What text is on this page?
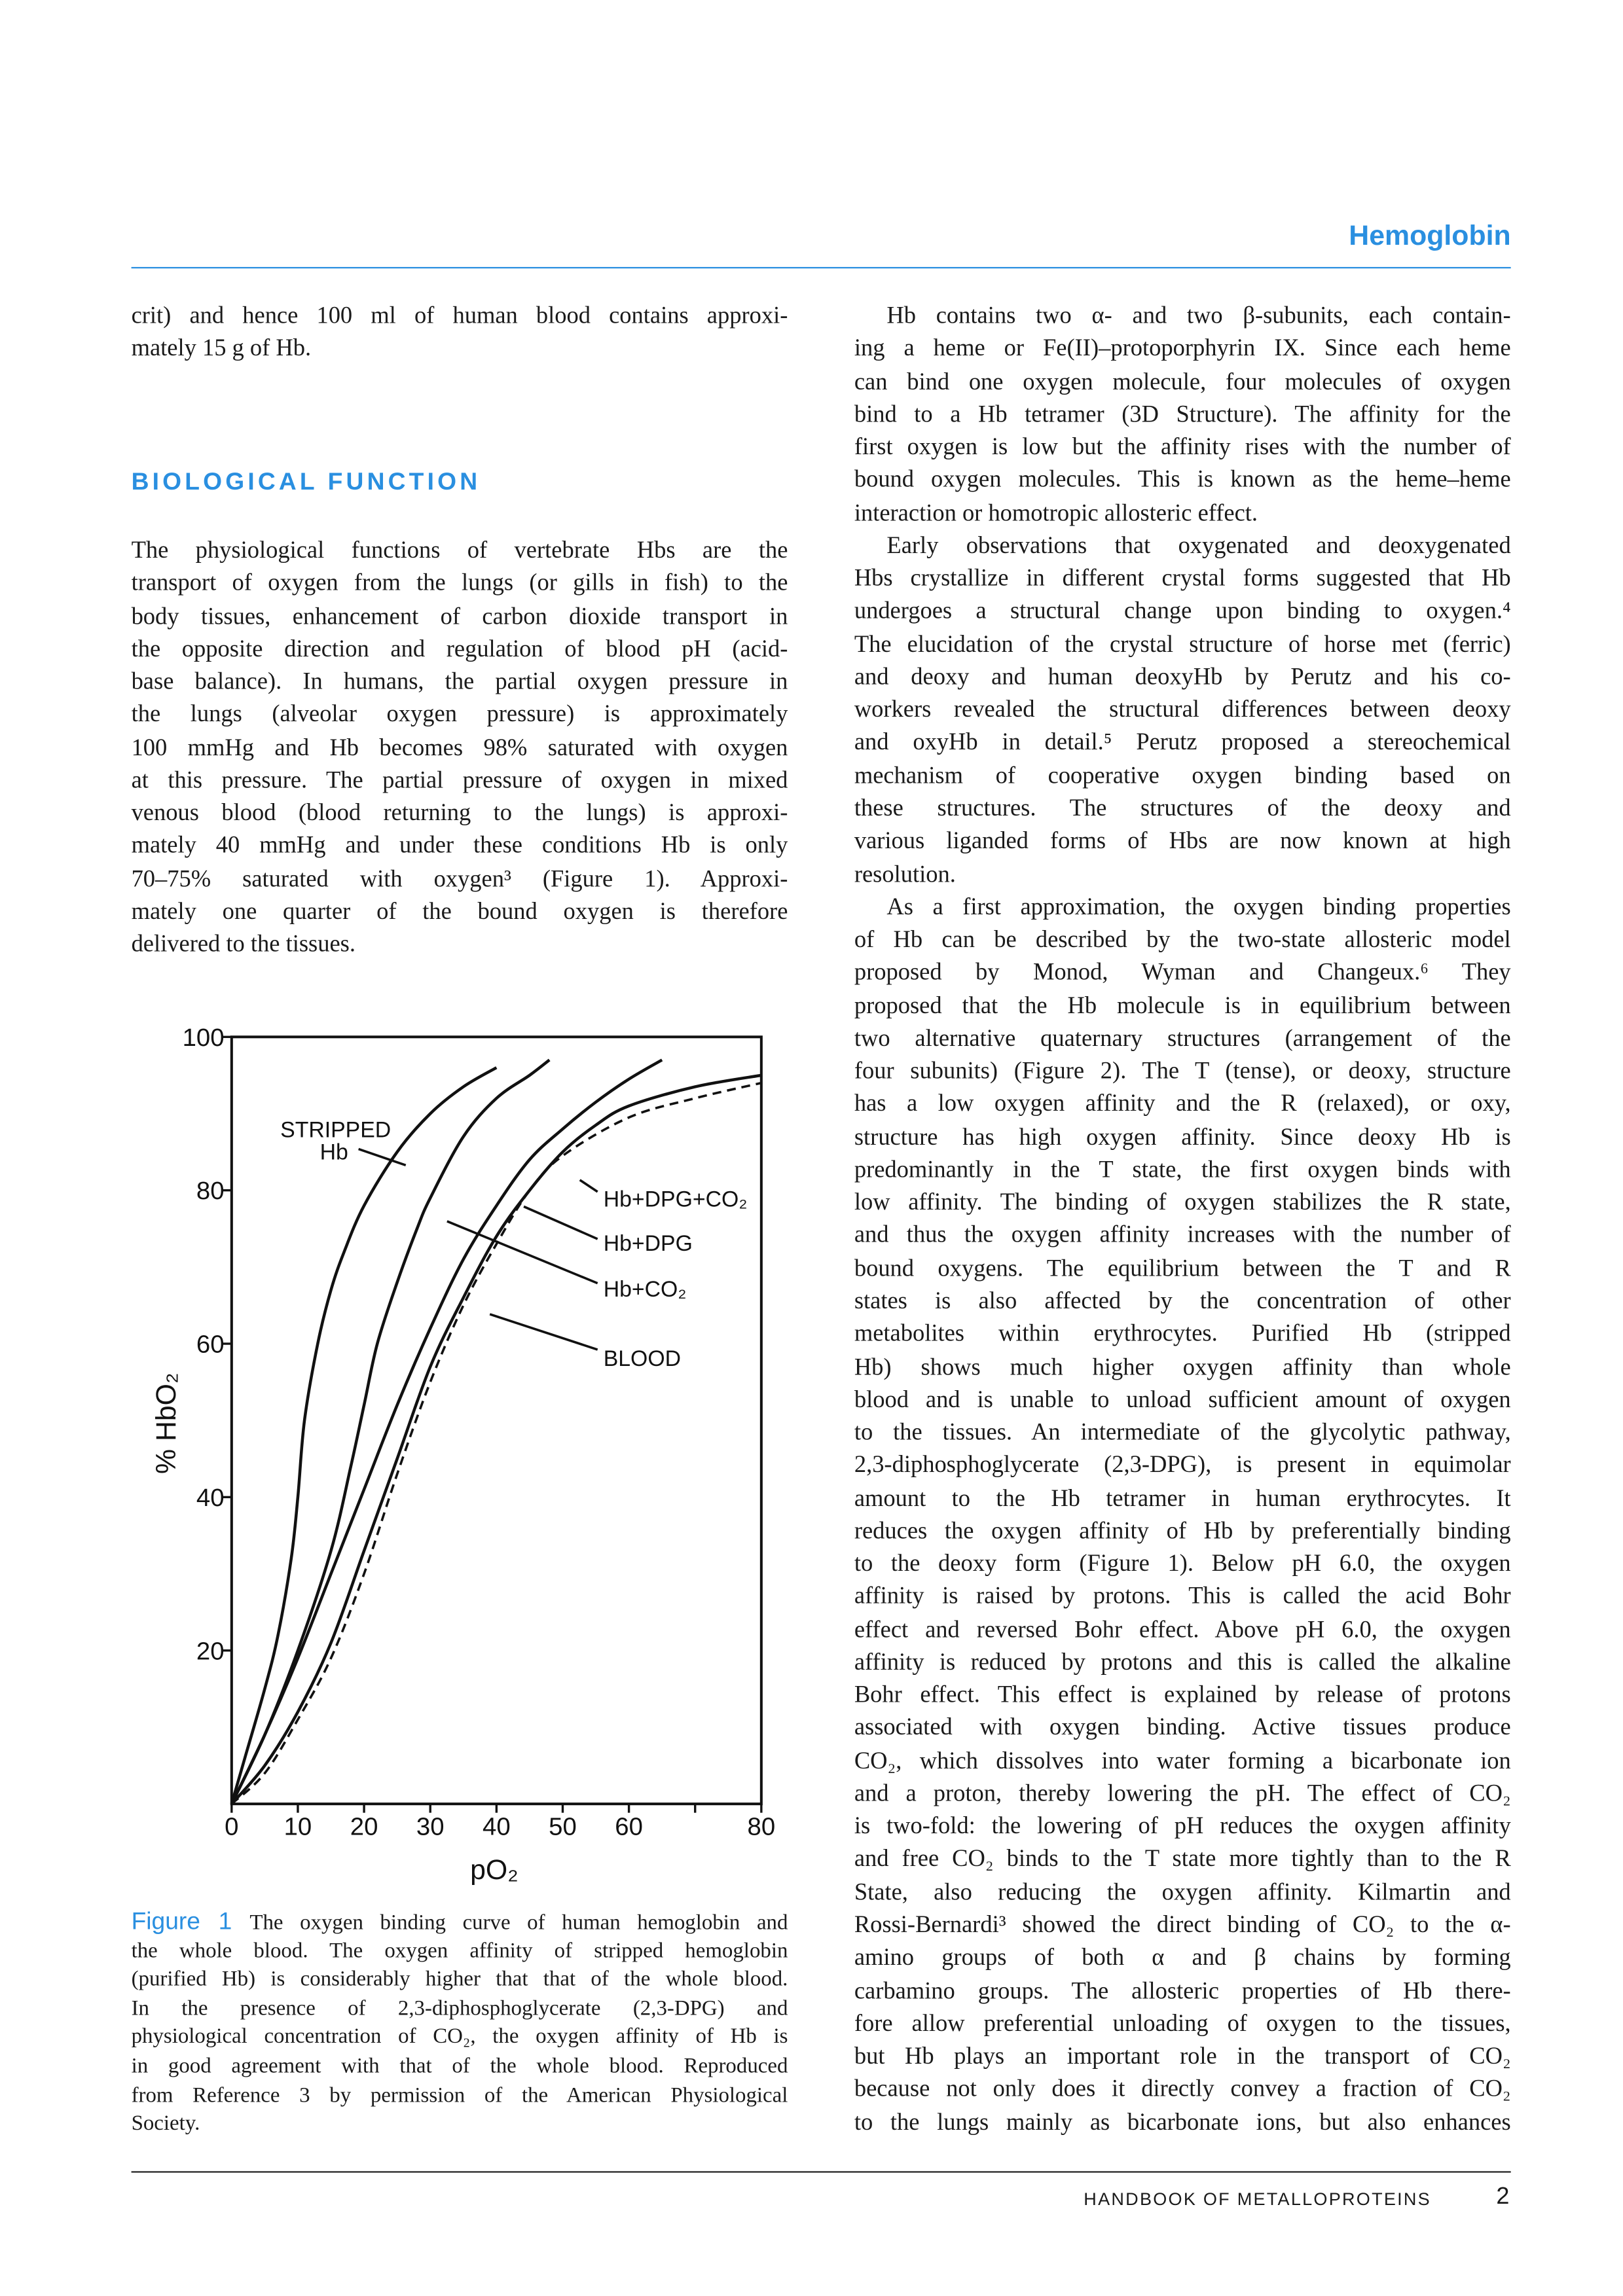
Hemoglobin
crit) and hence 100 ml of human blood contains approxi-
mately 15 g of Hb.
BIOLOGICAL FUNCTION
The physiological functions of vertebrate Hbs are the
transport of oxygen from the lungs (or gills in fish) to the
body tissues, enhancement of carbon dioxide transport in
the opposite direction and regulation of blood pH (acid-
base balance). In humans, the partial oxygen pressure in
the lungs (alveolar oxygen pressure) is approximately
100 mmHg and Hb becomes 98% saturated with oxygen
at this pressure. The partial pressure of oxygen in mixed
venous blood (blood returning to the lungs) is approxi-
mately 40 mmHg and under these conditions Hb is only
70–75% saturated with oxygen³ (Figure 1). Approxi-
mately one quarter of the bound oxygen is therefore
delivered to the tissues.
Hb contains two α- and two β-subunits, each contain-
ing a heme or Fe(II)–protoporphyrin IX. Since each heme
can bind one oxygen molecule, four molecules of oxygen
bind to a Hb tetramer (3D Structure). The affinity for the
first oxygen is low but the affinity rises with the number of
bound oxygen molecules. This is known as the heme–heme
interaction or homotropic allosteric effect.
Early observations that oxygenated and deoxygenated
Hbs crystallize in different crystal forms suggested that Hb
undergoes a structural change upon binding to oxygen.⁴
The elucidation of the crystal structure of horse met (ferric)
and deoxy and human deoxyHb by Perutz and his co-
workers revealed the structural differences between deoxy
and oxyHb in detail.⁵ Perutz proposed a stereochemical
mechanism of cooperative oxygen binding based on
these structures. The structures of the deoxy and
various liganded forms of Hbs are now known at high
resolution.
As a first approximation, the oxygen binding properties
of Hb can be described by the two-state allosteric model
proposed by Monod, Wyman and Changeux.⁶ They
proposed that the Hb molecule is in equilibrium between
two alternative quaternary structures (arrangement of the
four subunits) (Figure 2). The T (tense), or deoxy, structure
has a low oxygen affinity and the R (relaxed), or oxy,
structure has high oxygen affinity. Since deoxy Hb is
predominantly in the T state, the first oxygen binds with
low affinity. The binding of oxygen stabilizes the R state,
and thus the oxygen affinity increases with the number of
bound oxygens. The equilibrium between the T and R
states is also affected by the concentration of other
metabolites within erythrocytes. Purified Hb (stripped
Hb) shows much higher oxygen affinity than whole
blood and is unable to unload sufficient amount of oxygen
to the tissues. An intermediate of the glycolytic pathway,
2,3-diphosphoglycerate (2,3-DPG), is present in equimolar
amount to the Hb tetramer in human erythrocytes. It
reduces the oxygen affinity of Hb by preferentially binding
to the deoxy form (Figure 1). Below pH 6.0, the oxygen
affinity is raised by protons. This is called the acid Bohr
effect and reversed Bohr effect. Above pH 6.0, the oxygen
affinity is reduced by protons and this is called the alkaline
Bohr effect. This effect is explained by release of protons
associated with oxygen binding. Active tissues produce
CO₂, which dissolves into water forming a bicarbonate ion
and a proton, thereby lowering the pH. The effect of CO₂
is two-fold: the lowering of pH reduces the oxygen affinity
and free CO₂ binds to the T state more tightly than to the R
State, also reducing the oxygen affinity. Kilmartin and
Rossi-Bernardi³ showed the direct binding of CO₂ to the α-
amino groups of both α and β chains by forming
carbamino groups. The allosteric properties of Hb there-
fore allow preferential unloading of oxygen to the tissues,
but Hb plays an important role in the transport of CO₂
because not only does it directly convey a fraction of CO₂
to the lungs mainly as bicarbonate ions, but also enhances
0	10	20	30	40	50	60	80
20
40
60
80
100
pO₂
% HbO₂
STRIPPED
Hb
Hb+DPG+CO₂
Hb+DPG
Hb+CO₂
BLOOD
Figure 1 The oxygen binding curve of human hemoglobin and
the whole blood. The oxygen affinity of stripped hemoglobin
(purified Hb) is considerably higher that that of the whole blood.
In the presence of 2,3-diphosphoglycerate (2,3-DPG) and
physiological concentration of CO₂, the oxygen affinity of Hb is
in good agreement with that of the whole blood. Reproduced
from Reference 3 by permission of the American Physiological
Society.
HANDBOOK OF METALLOPROTEINS	2
